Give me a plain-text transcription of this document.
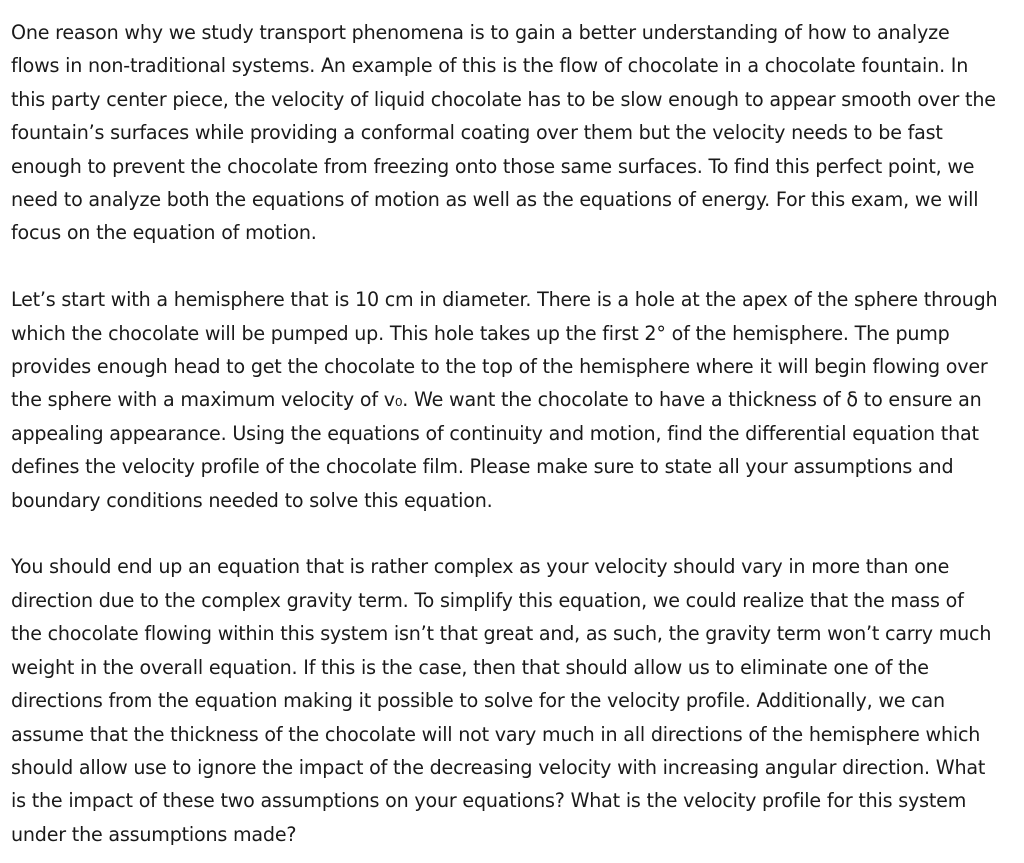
One reason why we study transport phenomena is to gain a better understanding of how to analyze
flows in non-traditional systems. An example of this is the flow of chocolate in a chocolate fountain. In
this party center piece, the velocity of liquid chocolate has to be slow enough to appear smooth over the
fountain’s surfaces while providing a conformal coating over them but the velocity needs to be fast
enough to prevent the chocolate from freezing onto those same surfaces. To find this perfect point, we
need to analyze both the equations of motion as well as the equations of energy. For this exam, we will
focus on the equation of motion.

Let’s start with a hemisphere that is 10 cm in diameter. There is a hole at the apex of the sphere through
which the chocolate will be pumped up. This hole takes up the first 2° of the hemisphere. The pump
provides enough head to get the chocolate to the top of the hemisphere where it will begin flowing over
the sphere with a maximum velocity of v₀. We want the chocolate to have a thickness of δ to ensure an
appealing appearance. Using the equations of continuity and motion, find the differential equation that
defines the velocity profile of the chocolate film. Please make sure to state all your assumptions and
boundary conditions needed to solve this equation.

You should end up an equation that is rather complex as your velocity should vary in more than one
direction due to the complex gravity term. To simplify this equation, we could realize that the mass of
the chocolate flowing within this system isn’t that great and, as such, the gravity term won’t carry much
weight in the overall equation. If this is the case, then that should allow us to eliminate one of the
directions from the equation making it possible to solve for the velocity profile. Additionally, we can
assume that the thickness of the chocolate will not vary much in all directions of the hemisphere which
should allow use to ignore the impact of the decreasing velocity with increasing angular direction. What
is the impact of these two assumptions on your equations? What is the velocity profile for this system
under the assumptions made?
